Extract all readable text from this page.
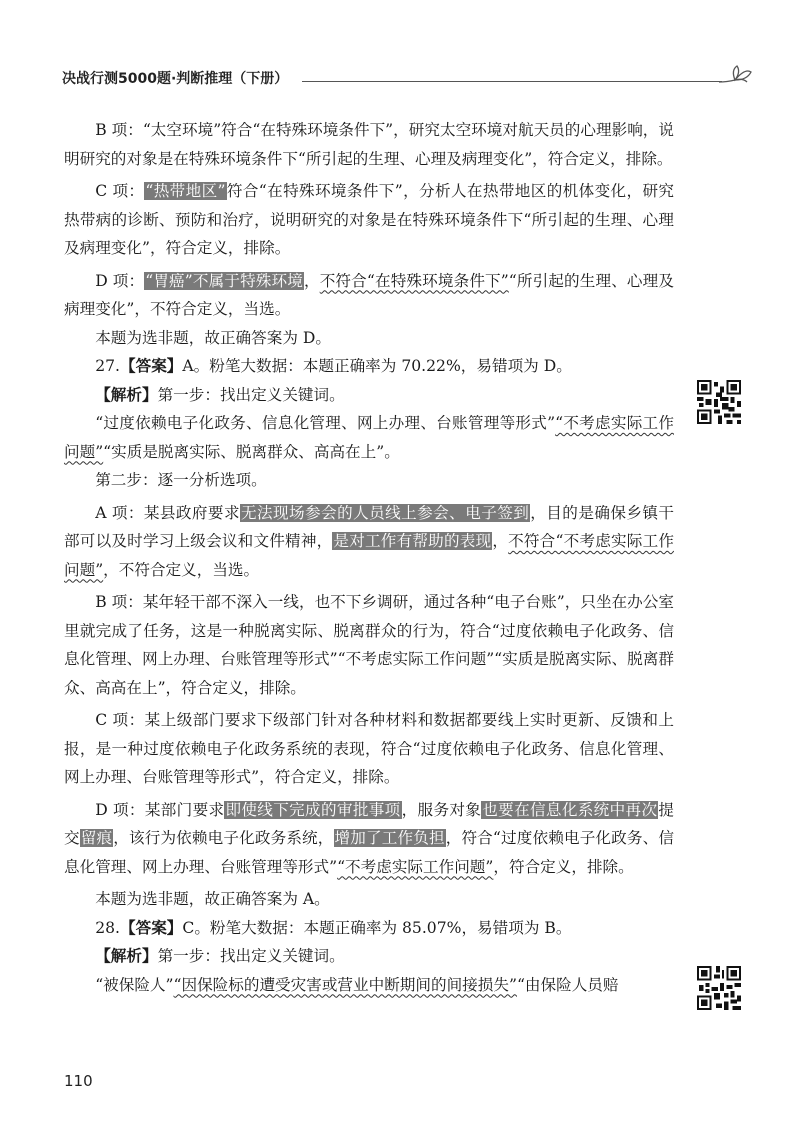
决战行测5000题·判断推理（下册）

B 项：“太空环境”符合“在特殊环境条件下”，研究太空环境对航天员的心理影响，说明研究的对象是在特殊环境条件下“所引起的生理、心理及病理变化”，符合定义，排除。

C 项：“热带地区”符合“在特殊环境条件下”，分析人在热带地区的机体变化，研究热带病的诊断、预防和治疗，说明研究的对象是在特殊环境条件下“所引起的生理、心理及病理变化”，符合定义，排除。

D 项：“胃癌”不属于特殊环境，不符合“在特殊环境条件下”“所引起的生理、心理及病理变化”，不符合定义，当选。

本题为选非题，故正确答案为 D。

27.【答案】A。粉笔大数据：本题正确率为 70.22%，易错项为 D。

【解析】第一步：找出定义关键词。

“过度依赖电子化政务、信息化管理、网上办理、台账管理等形式”“不考虑实际工作问题”“实质是脱离实际、脱离群众、高高在上”。

第二步：逐一分析选项。

A 项：某县政府要求无法现场参会的人员线上参会、电子签到，目的是确保乡镇干部可以及时学习上级会议和文件精神，是对工作有帮助的表现，不符合“不考虑实际工作问题”，不符合定义，当选。

B 项：某年轻干部不深入一线，也不下乡调研，通过各种“电子台账”，只坐在办公室里就完成了任务，这是一种脱离实际、脱离群众的行为，符合“过度依赖电子化政务、信息化管理、网上办理、台账管理等形式”“不考虑实际工作问题”“实质是脱离实际、脱离群众、高高在上”，符合定义，排除。

C 项：某上级部门要求下级部门针对各种材料和数据都要线上实时更新、反馈和上报，是一种过度依赖电子化政务系统的表现，符合“过度依赖电子化政务、信息化管理、网上办理、台账管理等形式”，符合定义，排除。

D 项：某部门要求即使线下完成的审批事项，服务对象也要在信息化系统中再次提交留痕，该行为依赖电子化政务系统，增加了工作负担，符合“过度依赖电子化政务、信息化管理、网上办理、台账管理等形式”“不考虑实际工作问题”，符合定义，排除。

本题为选非题，故正确答案为 A。

28.【答案】C。粉笔大数据：本题正确率为 85.07%，易错项为 B。

【解析】第一步：找出定义关键词。

“被保险人”“因保险标的遭受灾害或营业中断期间的间接损失”“由保险人员赔

110
